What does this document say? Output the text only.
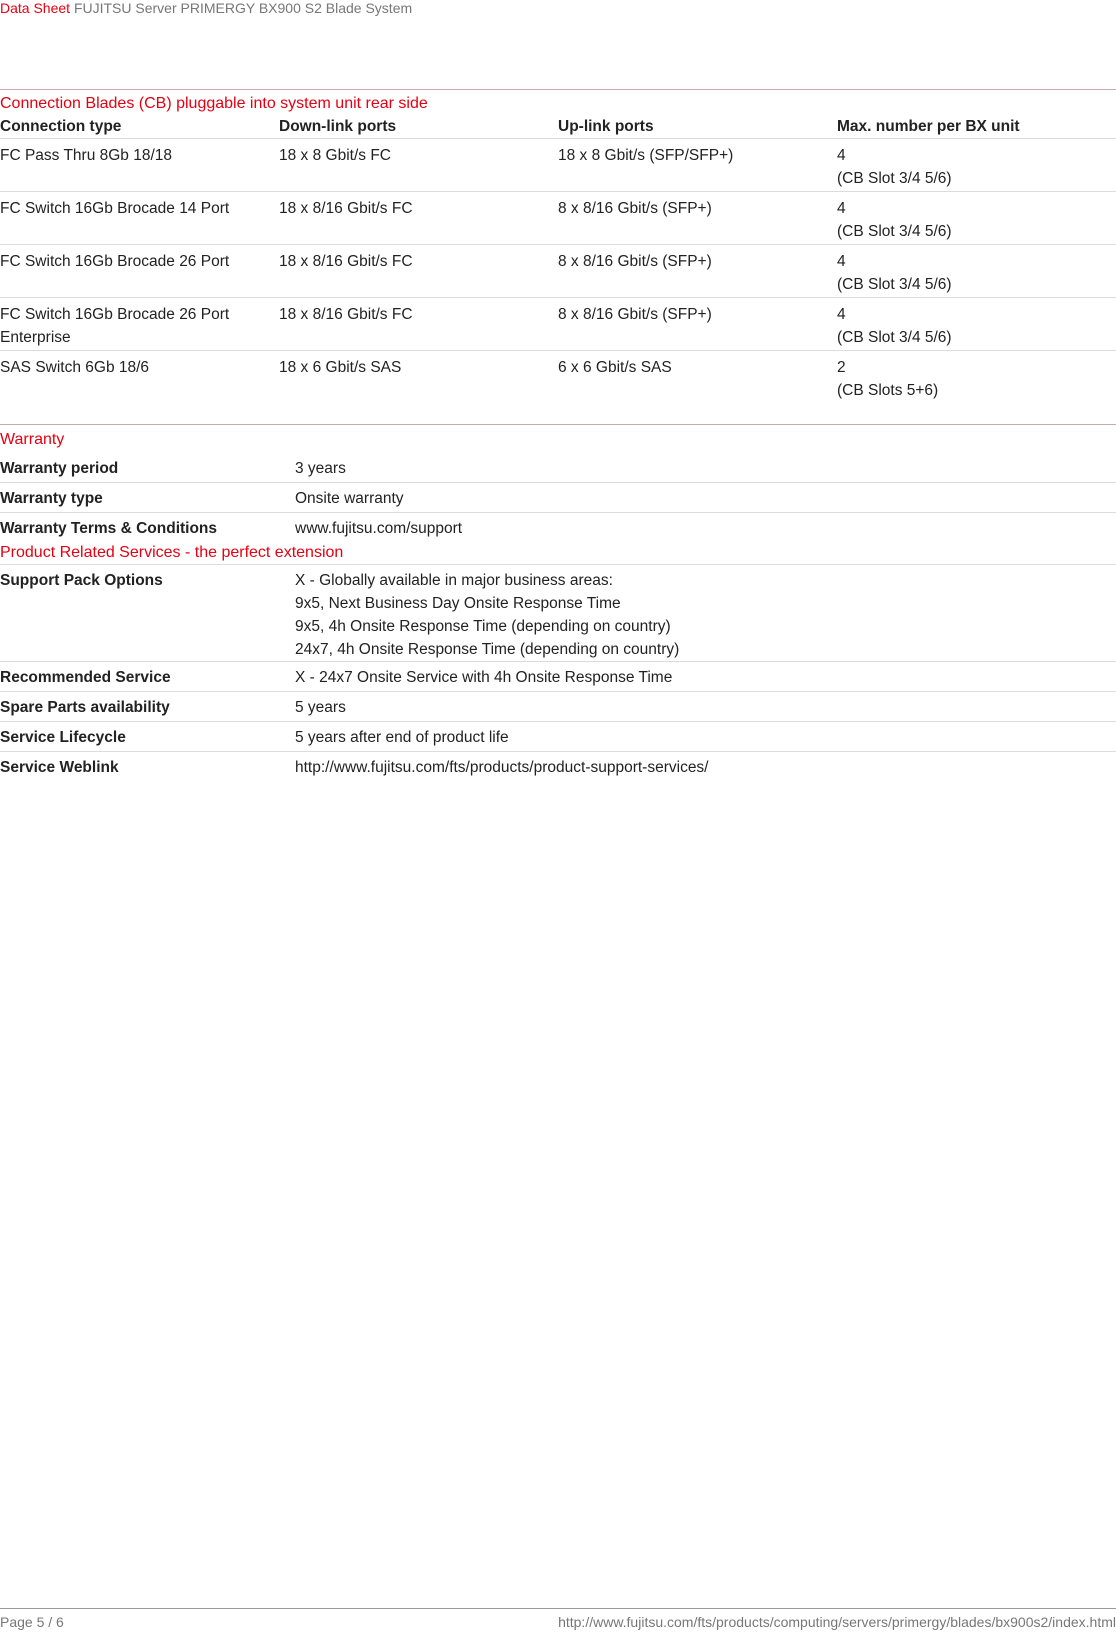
Data Sheet FUJITSU Server PRIMERGY BX900 S2 Blade System
Connection Blades (CB) pluggable into system unit rear side
Connection type	Down-link ports	Up-link ports	Max. number per BX unit
FC Pass Thru 8Gb 18/18	18 x 8 Gbit/s FC	18 x 8 Gbit/s (SFP/SFP+)	4
(CB Slot 3/4 5/6)
FC Switch 16Gb Brocade 14 Port	18 x 8/16 Gbit/s FC	8 x 8/16 Gbit/s (SFP+)	4
(CB Slot 3/4 5/6)
FC Switch 16Gb Brocade 26 Port	18 x 8/16 Gbit/s FC	8 x 8/16 Gbit/s (SFP+)	4
(CB Slot 3/4 5/6)
FC Switch 16Gb Brocade 26 Port
Enterprise
18 x 8/16 Gbit/s FC	8 x 8/16 Gbit/s (SFP+)	4
(CB Slot 3/4 5/6)
SAS Switch 6Gb 18/6	18 x 6 Gbit/s SAS	6 x 6 Gbit/s SAS	2
(CB Slots 5+6)
Warranty
Warranty period	3 years
Warranty type	Onsite warranty
Warranty Terms & Conditions	www.fujitsu.com/support
Product Related Services - the perfect extension
Support Pack Options	X - Globally available in major business areas:
9x5, Next Business Day Onsite Response Time
9x5, 4h Onsite Response Time (depending on country)
24x7, 4h Onsite Response Time (depending on country)
Recommended Service	X - 24x7 Onsite Service with 4h Onsite Response Time
Spare Parts availability	5 years
Service Lifecycle	5 years after end of product life
Service Weblink	http://www.fujitsu.com/fts/products/product-support-services/
Page 5 / 6	http://www.fujitsu.com/fts/products/computing/servers/primergy/blades/bx900s2/index.html
